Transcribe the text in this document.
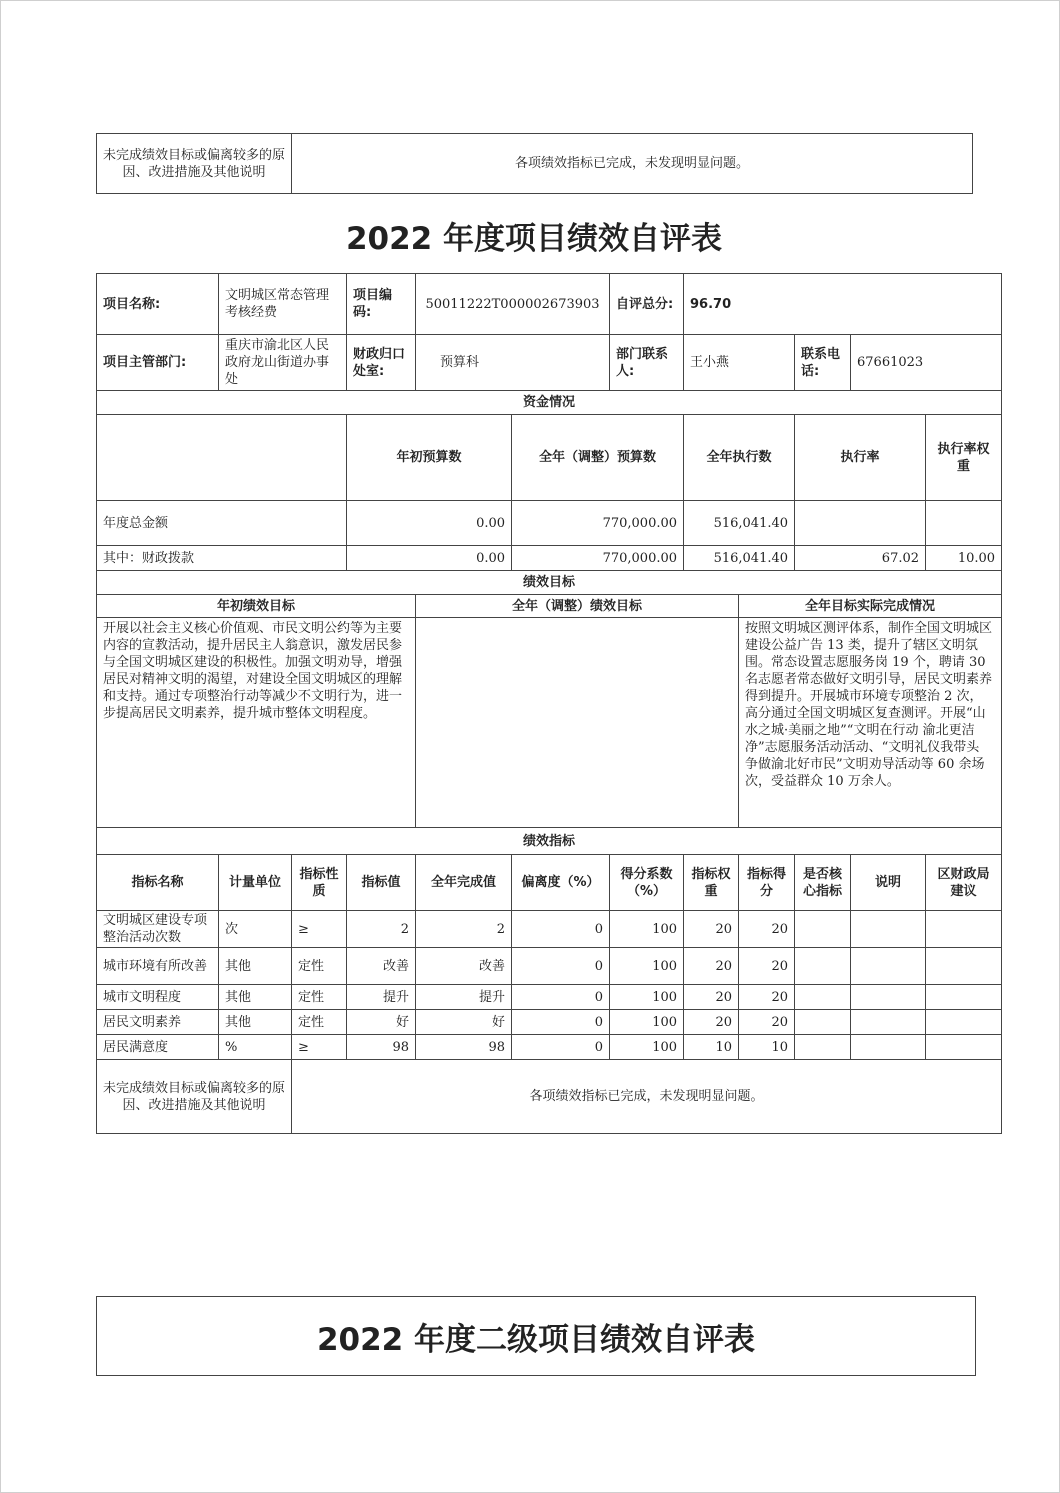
未完成绩效目标或偏离较多的原因、改进措施及其他说明	各项绩效指标已完成，未发现明显问题。
2022 年度项目绩效自评表
项目名称:	文明城区常态管理考核经费		项目编码:	50011222T000002673903		自评总分:	96.70					
项目主管部门:	重庆市渝北区人民政府龙山街道办事处		财政归口处室:	预算科		部门联系人:	王小燕		联系电话:	67661023		
资金情况												
			年初预算数		全年（调整）预算数		全年执行数		执行率		执行率权重	
年度总金额			0.00		770,000.00		516,041.40					
其中：财政拨款			0.00		770,000.00		516,041.40		67.02		10.00	
绩效目标												
年初绩效目标				全年（调整）绩效目标				全年目标实际完成情况				
开展以社会主义核心价值观、市民文明公约等为主要内容的宣教活动，提升居民主人翁意识，激发居民参与全国文明城区建设的积极性。加强文明劝导，增强居民对精神文明的渴望，对建设全国文明城区的理解和支持。通过专项整治行动等减少不文明行为，进一步提高居民文明素养，提升城市整体文明程度。								按照文明城区测评体系，制作全国文明城区建设公益广告 13 类，提升了辖区文明氛围。常态设置志愿服务岗 19 个，聘请 30 名志愿者常态做好文明引导，居民文明素养得到提升。开展城市环境专项整治 2 次，高分通过全国文明城区复查测评。开展“山水之城·美丽之地”“文明在行动 渝北更洁净”志愿服务活动活动、“文明礼仪我带头 争做渝北好市民”文明劝导活动等 60 余场次，受益群众 10 万余人。				
绩效指标												
指标名称	计量单位	指标性质	指标值	全年完成值	偏离度（%）	得分系数（%）	指标权重	指标得分	是否核心指标	说明	区财政局建议	
文明城区建设专项整治活动次数	次	≥	2	2	0	100	20	20				
城市环境有所改善	其他	定性	改善	改善	0	100	20	20				
城市文明程度	其他	定性	提升	提升	0	100	20	20				
居民文明素养	其他	定性	好	好	0	100	20	20				
居民满意度	%	≥	98	98	0	100	10	10				
未完成绩效目标或偏离较多的原因、改进措施及其他说明		各项绩效指标已完成，未发现明显问题。										
2022 年度二级项目绩效自评表
